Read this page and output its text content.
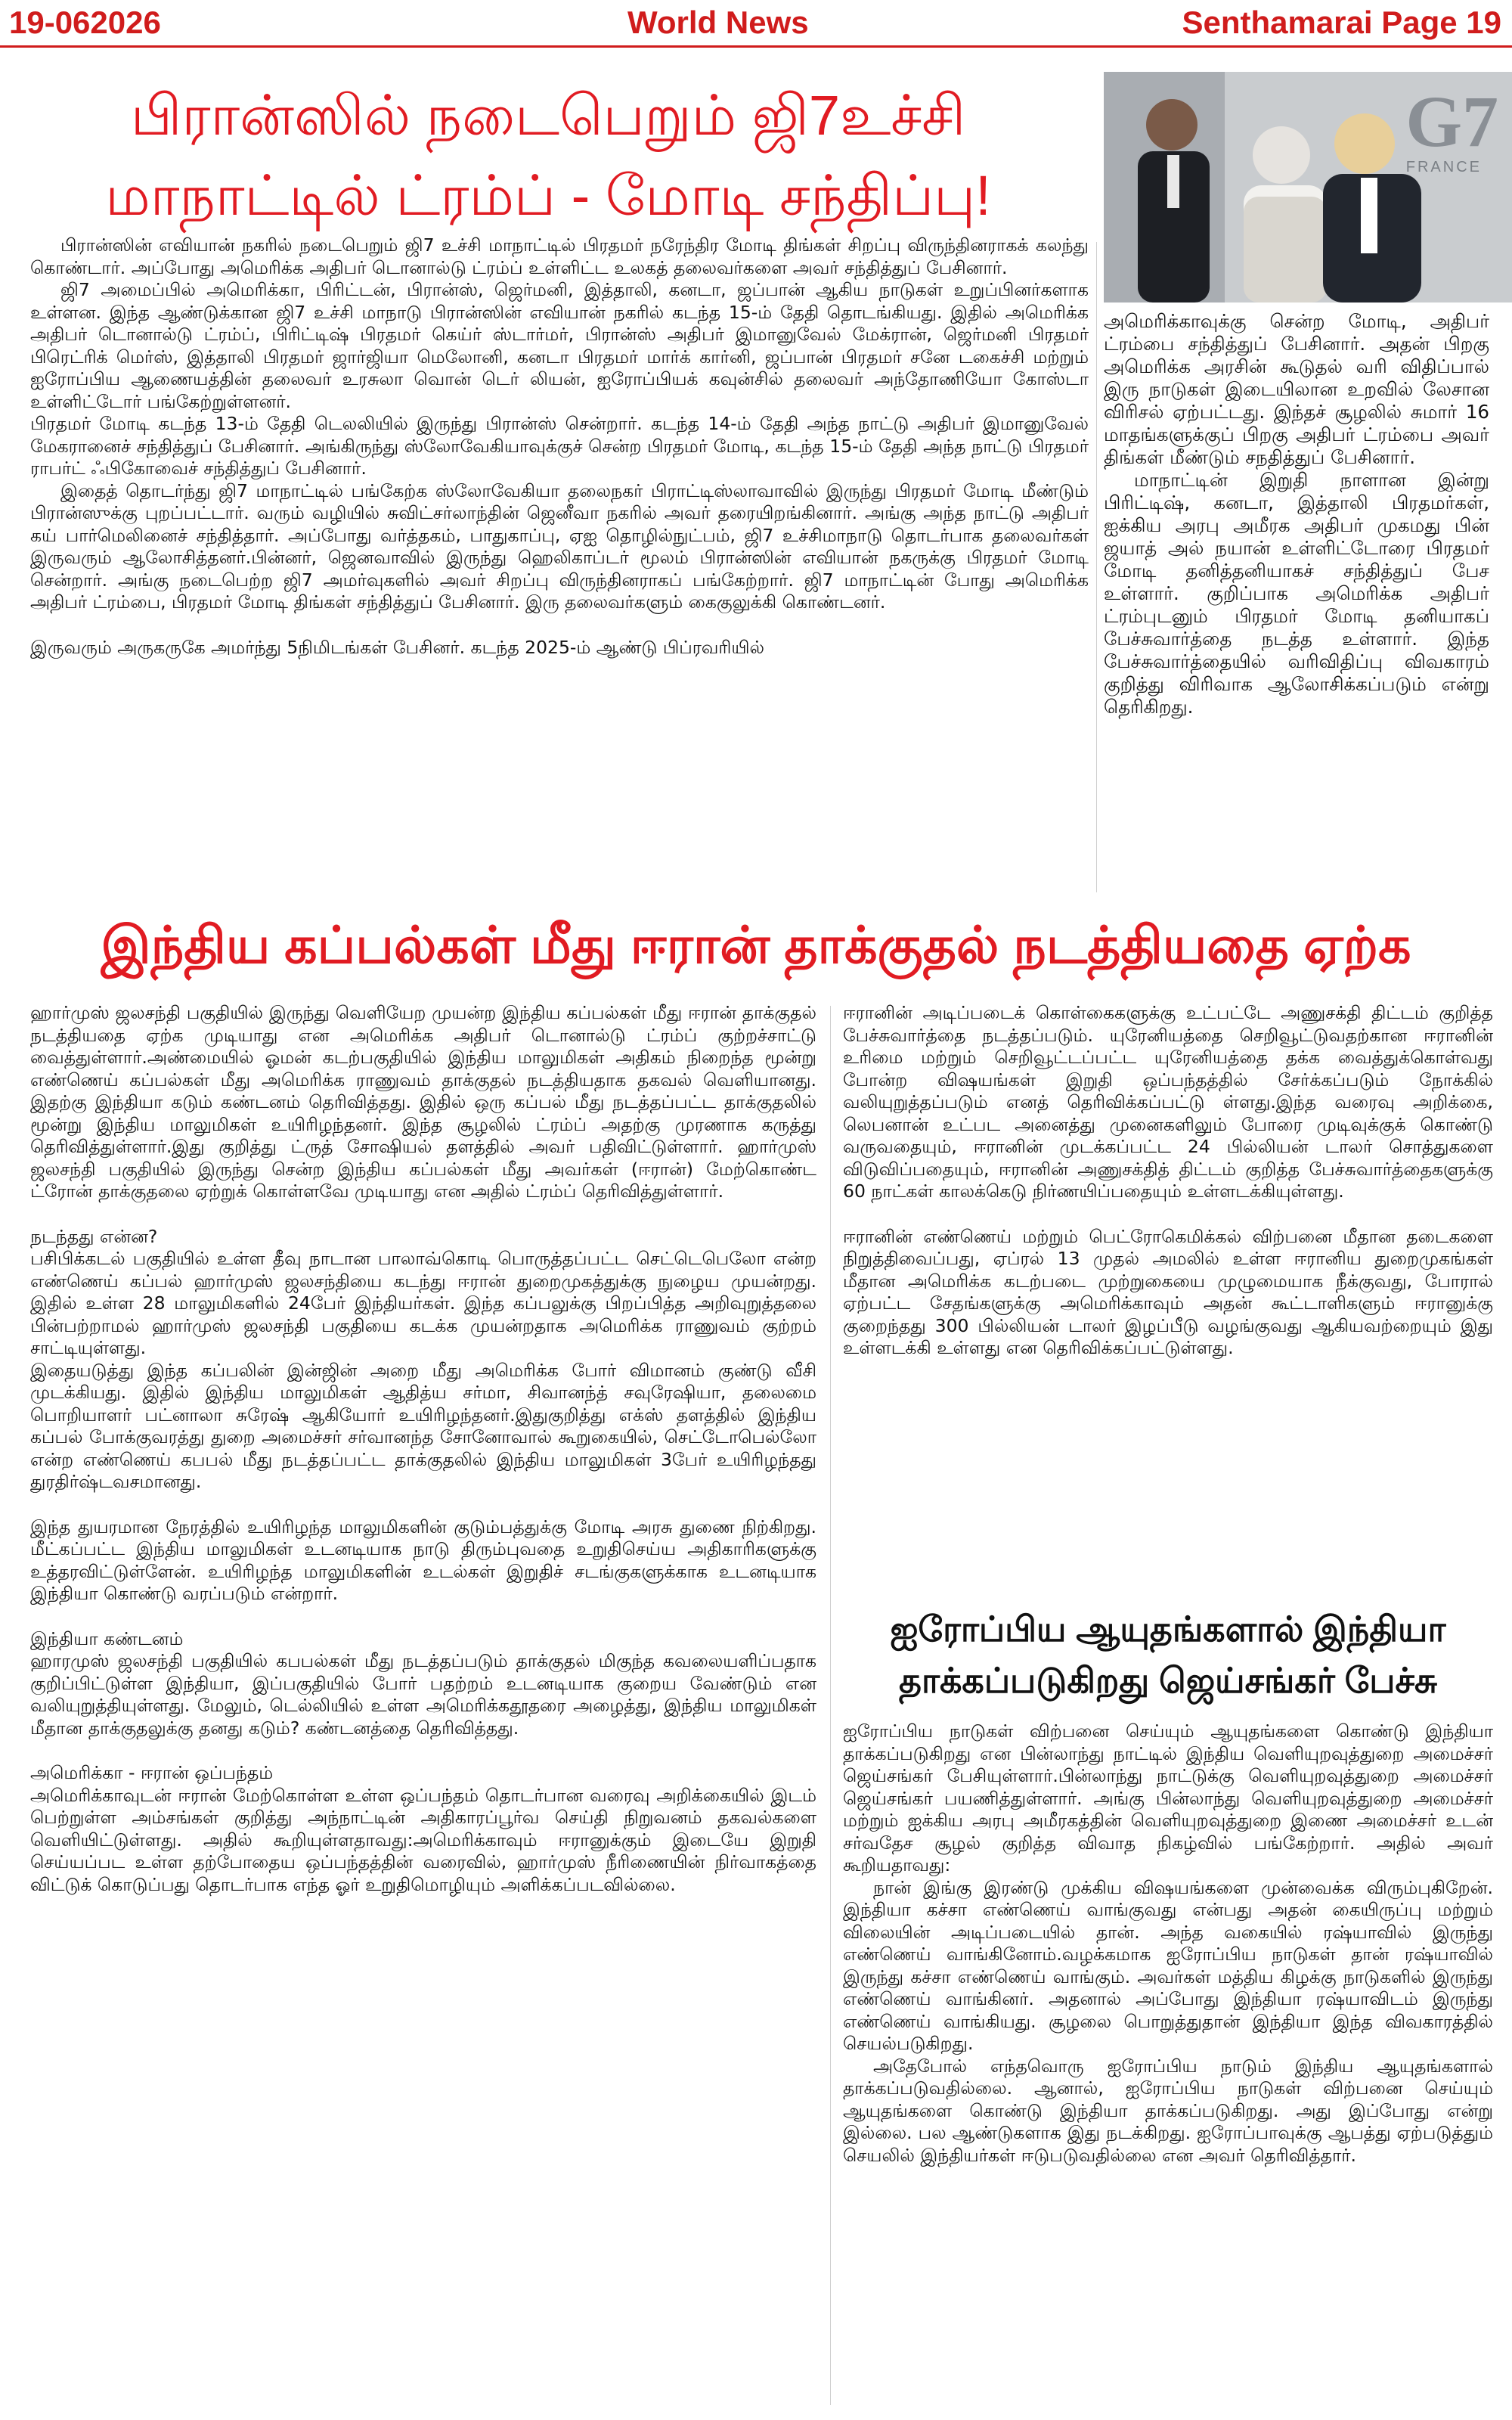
19-062026	World News	Senthamarai Page 19
பிரான்ஸில் நடைபெறும் ஜி7உச்சி மாநாட்டில் ட்ரம்ப் - மோடி சந்திப்பு!
G7
FRANCE

பிரான்ஸின் எவியான் நகரில் நடைபெறும் ஜி7 உச்சி மாநாட்டில் பிரதமர் நரேந்திர மோடி திங்கள் சிறப்பு விருந்தினராகக் கலந்து கொண்டார். அப்போது அமெரிக்க அதிபர் டொனால்டு ட்ரம்ப் உள்ளிட்ட உலகத் தலைவர்களை அவர் சந்தித்துப் பேசினார்.

ஜி7 அமைப்பில் அமெரிக்கா, பிரிட்டன், பிரான்ஸ், ஜெர்மனி, இத்தாலி, கனடா, ஜப்பான் ஆகிய நாடுகள் உறுப்பினர்களாக உள்ளன. இந்த ஆண்டுக்கான ஜி7 உச்சி மாநாடு பிரான்ஸின் எவியான் நகரில் கடந்த 15-ம் தேதி தொடங்கியது. இதில் அமெரிக்க அதிபர் டொனால்டு ட்ரம்ப், பிரிட்டிஷ் பிரதமர் கெய்ர் ஸ்டார்மர், பிரான்ஸ் அதிபர் இமானுவேல் மேக்ரான், ஜெர்மனி பிரதமர் பிரெட்ரிக் மெர்ஸ், இத்தாலி பிரதமர் ஜார்ஜியா மெலோனி, கனடா பிரதமர் மார்க் கார்னி, ஜப்பான் பிரதமர் சனே டகைச்சி மற்றும் ஐரோப்பிய ஆணையத்தின் தலைவர் உரசுலா வொன் டெர் லியன், ஐரோப்பியக் கவுன்சில் தலைவர் அந்தோணியோ கோஸ்டா உள்ளிட்டோர் பங்கேற்றுள்ளனர்.

பிரதமர் மோடி கடந்த 13-ம் தேதி டெலலியில் இருந்து பிரான்ஸ் சென்றார். கடந்த 14-ம் தேதி அந்த நாட்டு அதிபர் இமானுவேல் மேகரானைச் சந்தித்துப் பேசினார். அங்கிருந்து ஸ்லோவேகியாவுக்குச் சென்ற பிரதமர் மோடி, கடந்த 15-ம் தேதி அந்த நாட்டு பிரதமர் ராபர்ட் ஃபிகோவைச் சந்தித்துப் பேசினார்.

இதைத் தொடர்ந்து ஜி7 மாநாட்டில் பங்கேற்க ஸ்லோவேகியா தலைநகர் பிராட்டிஸ்லாவாவில் இருந்து பிரதமர் மோடி மீண்டும் பிரான்ஸுக்கு புறப்பட்டார். வரும் வழியில் சுவிட்சர்லாந்தின் ஜெனீவா நகரில் அவர் தரையிறங்கினார். அங்கு அந்த நாட்டு அதிபர் கய் பார்மெலினைச் சந்தித்தார். அப்போது வர்த்தகம், பாதுகாப்பு, ஏஐ தொழில்நுட்பம், ஜி7 உச்சிமாநாடு தொடர்பாக தலைவர்கள் இருவரும் ஆலோசித்தனர்.பின்னர், ஜெனவாவில் இருந்து ஹெலிகாப்டர் மூலம் பிரான்ஸின் எவியான் நகருக்கு பிரதமர் மோடி சென்றார். அங்கு நடைபெற்ற ஜி7 அமர்வுகளில் அவர் சிறப்பு விருந்தினராகப் பங்கேற்றார். ஜி7 மாநாட்டின் போது அமெரிக்க அதிபர் ட்ரம்பை, பிரதமர் மோடி திங்கள் சந்தித்துப் பேசினார். இரு தலைவர்களும் கைகுலுக்கி கொண்டனர்.

இருவரும் அருகருகே அமர்ந்து 5நிமிடங்கள் பேசினர். கடந்த 2025-ம் ஆண்டு பிப்ரவரியில்

அமெரிக்காவுக்கு சென்ற மோடி, அதிபர் ட்ரம்பை சந்தித்துப் பேசினார். அதன் பிறகு அமெரிக்க அரசின் கூடுதல் வரி விதிப்பால் இரு நாடுகள் இடையிலான உறவில் லேசான விரிசல் ஏற்பட்டது. இந்தச் சூழலில் சுமார் 16 மாதங்களுக்குப் பிறகு அதிபர் ட்ரம்பை அவர் திங்கள் மீண்டும் சநதித்துப் பேசினார்.

மாநாட்டின் இறுதி நாளான இன்று பிரிட்டிஷ், கனடா, இத்தாலி பிரதமர்கள், ஐக்கிய அரபு அமீரக அதிபர் முகமது பின் ஜயாத் அல் நயான் உள்ளிட்டோரை பிரதமர் மோடி தனித்தனியாகச் சந்தித்துப் பேச உள்ளார். குறிப்பாக அமெரிக்க அதிபர் ட்ரம்புடனும் பிரதமர் மோடி தனியாகப் பேச்சுவார்த்தை நடத்த உள்ளார். இந்த பேச்சுவார்த்தையில் வரிவிதிப்பு விவகாரம் குறித்து விரிவாக ஆலோசிக்கப்படும் என்று தெரிகிறது.

இந்திய கப்பல்கள் மீது ஈரான் தாக்குதல் நடத்தியதை ஏற்க

ஹார்முஸ் ஜலசந்தி பகுதியில் இருந்து வெளியேற முயன்ற இந்திய கப்பல்கள் மீது ஈரான் தாக்குதல் நடத்தியதை ஏற்க முடியாது என அமெரிக்க அதிபர் டொனால்டு ட்ரம்ப் குற்றச்சாட்டு வைத்துள்ளார்.அண்மையில் ஓமன் கடற்பகுதியில் இந்திய மாலுமிகள் அதிகம் நிறைந்த மூன்று எண்ணெய் கப்பல்கள் மீது அமெரிக்க ராணுவம் தாக்குதல் நடத்தியதாக தகவல் வெளியானது. இதற்கு இந்தியா கடும் கண்டனம் தெரிவித்தது. இதில் ஒரு கப்பல் மீது நடத்தப்பட்ட தாக்குதலில் மூன்று இந்திய மாலுமிகள் உயிரிழந்தனர். இந்த சூழலில் ட்ரம்ப் அதற்கு முரணாக கருத்து தெரிவித்துள்ளார்.இது குறித்து ட்ருத் சோஷியல் தளத்தில் அவர் பதிவிட்டுள்ளார். ஹார்முஸ் ஜலசந்தி பகுதியில் இருந்து சென்ற இந்திய கப்பல்கள் மீது அவர்கள் (ஈரான்) மேற்கொண்ட ட்ரோன் தாக்குதலை ஏற்றுக் கொள்ளவே முடியாது என அதில் ட்ரம்ப் தெரிவித்துள்ளார்.

நடந்தது என்ன?

பசிபிக்கடல் பகுதியில் உள்ள தீவு நாடான பாலாவ்கொடி பொருத்தப்பட்ட செட்டெபெலோ என்ற எண்ணெய் கப்பல் ஹார்முஸ் ஜலசந்தியை கடந்து ஈரான் துறைமுகத்துக்கு நுழைய முயன்றது. இதில் உள்ள 28 மாலுமிகளில் 24பேர் இந்தியர்கள். இந்த கப்பலுக்கு பிறப்பித்த அறிவுறுத்தலை பின்பற்றாமல் ஹார்முஸ் ஜலசந்தி பகுதியை கடக்க முயன்றதாக அமெரிக்க ராணுவம் குற்றம் சாட்டியுள்ளது.

இதையடுத்து இந்த கப்பலின் இன்ஜின் அறை மீது அமெரிக்க போர் விமானம் குண்டு வீசி முடக்கியது. இதில் இந்திய மாலுமிகள் ஆதித்ய சர்மா, சிவானந்த் சவுரேஷியா, தலைமை பொறியாளர் பட்னாலா சுரேஷ் ஆகியோர் உயிரிழந்தனர்.இதுகுறித்து எக்ஸ் தளத்தில் இந்திய கப்பல் போக்குவரத்து துறை அமைச்சர் சர்வானந்த சோனோவால் கூறுகையில், செட்டோபெல்லோ என்ற எண்ணெய் கபபல் மீது நடத்தப்பட்ட தாக்குதலில் இந்திய மாலுமிகள் 3பேர் உயிரிழந்தது துரதிர்ஷ்டவசமானது.

இந்த துயரமான நேரத்தில் உயிரிழந்த மாலுமிகளின் குடும்பத்துக்கு மோடி அரசு துணை நிற்கிறது. மீட்கப்பட்ட இந்திய மாலுமிகள் உடனடியாக நாடு திரும்புவதை உறுதிசெய்ய அதிகாரிகளுக்கு உத்தரவிட்டுள்ளேன். உயிரிழந்த மாலுமிகளின் உடல்கள் இறுதிச் சடங்குகளுக்காக உடனடியாக இந்தியா கொண்டு வரப்படும் என்றார்.

இந்தியா கண்டனம்

ஹாரமுஸ் ஜலசந்தி பகுதியில் கபபல்கள் மீது நடத்தப்படும் தாக்குதல் மிகுந்த கவலையளிப்பதாக குறிப்பிட்டுள்ள இந்தியா, இப்பகுதியில் போர் பதற்றம் உடனடியாக குறைய வேண்டும் என வலியுறுத்தியுள்ளது. மேலும், டெல்லியில் உள்ள அமெரிக்கதூதரை அழைத்து, இந்திய மாலுமிகள் மீதான தாக்குதலுக்கு தனது கடும்? கண்டனத்தை தெரிவித்தது.

அமெரிக்கா - ஈரான் ஒப்பந்தம்

அமெரிக்காவுடன் ஈரான் மேற்கொள்ள உள்ள ஒப்பந்தம் தொடர்பான வரைவு அறிக்கையில் இடம் பெற்றுள்ள அம்சங்கள் குறித்து அந்நாட்டின் அதிகாரப்பூர்வ செய்தி நிறுவனம் தகவல்களை வெளியிட்டுள்ளது. அதில் கூறியுள்ளதாவது:அமெரிக்காவும் ஈரானுக்கும் இடையே இறுதி செய்யப்பட உள்ள தற்போதைய ஒப்பந்தத்தின் வரைவில், ஹார்முஸ் நீரிணையின் நிர்வாகத்தை விட்டுக் கொடுப்பது தொடர்பாக எந்த ஓர் உறுதிமொழியும் அளிக்கப்படவில்லை.

ஈரானின் அடிப்படைக் கொள்கைகளுக்கு உட்பட்டே அணுசக்தி திட்டம் குறித்த பேச்சுவார்த்தை நடத்தப்படும். யுரேனியத்தை செறிவூட்டுவதற்கான ஈரானின் உரிமை மற்றும் செறிவூட்டப்பட்ட யுரேனியத்தை தக்க வைத்துக்கொள்வது போன்ற விஷயங்கள் இறுதி ஒப்பந்தத்தில் சேர்க்கப்படும் நோக்கில் வலியுறுத்தப்படும் எனத் தெரிவிக்கப்பட்டு ள்ளது.இந்த வரைவு அறிக்கை, லெபனான் உட்பட அனைத்து முனைகளிலும் போரை முடிவுக்குக் கொண்டு வருவதையும், ஈரானின் முடக்கப்பட்ட 24 பில்லியன் டாலர் சொத்துகளை விடுவிப்பதையும், ஈரானின் அணுசக்தித் திட்டம் குறித்த பேச்சுவார்த்தைகளுக்கு 60 நாட்கள் காலக்கெடு நிர்ணயிப்பதையும் உள்ளடக்கியுள்ளது.

ஈரானின் எண்ணெய் மற்றும் பெட்ரோகெமிக்கல் விற்பனை மீதான தடைகளை நிறுத்திவைப்பது, ஏப்ரல் 13 முதல் அமலில் உள்ள ஈரானிய துறைமுகங்கள் மீதான அமெரிக்க கடற்படை முற்றுகையை முழுமையாக நீக்குவது, போரால் ஏற்பட்ட சேதங்களுக்கு அமெரிக்காவும் அதன் கூட்டாளிகளும் ஈரானுக்கு குறைந்தது 300 பில்லியன் டாலர் இழப்பீடு வழங்குவது ஆகியவற்றையும் இது உள்ளடக்கி உள்ளது என தெரிவிக்கப்பட்டுள்ளது.

ஐரோப்பிய ஆயுதங்களால் இந்தியா தாக்கப்படுகிறது ஜெய்சங்கர் பேச்சு

ஐரோப்பிய நாடுகள் விற்பனை செய்யும் ஆயுதங்களை கொண்டு இந்தியா தாக்கப்படுகிறது என பின்லாந்து நாட்டில் இந்திய வெளியுறவுத்துறை அமைச்சர் ஜெய்சங்கர் பேசியுள்ளார்.பின்லாந்து நாட்டுக்கு வெளியுறவுத்துறை அமைச்சர் ஜெய்சங்கர் பயணித்துள்ளார். அங்கு பின்லாந்து வெளியுறவுத்துறை அமைச்சர் மற்றும் ஐக்கிய அரபு அமீரகத்தின் வெளியுறவுத்துறை இணை அமைச்சர் உடன் சர்வதேச சூழல் குறித்த விவாத நிகழ்வில் பங்கேற்றார். அதில் அவர் கூறியதாவது:

நான் இங்கு இரண்டு முக்கிய விஷயங்களை முன்வைக்க விரும்புகிறேன். இந்தியா கச்சா எண்ணெய் வாங்குவது என்பது அதன் கையிருப்பு மற்றும் விலையின் அடிப்படையில் தான். அந்த வகையில் ரஷ்யாவில் இருந்து எண்ணெய் வாங்கினோம்.வழக்கமாக ஐரோப்பிய நாடுகள் தான் ரஷ்யாவில் இருந்து கச்சா எண்ணெய் வாங்கும். அவர்கள் மத்திய கிழக்கு நாடுகளில் இருந்து எண்ணெய் வாங்கினர். அதனால் அப்போது இந்தியா ரஷ்யாவிடம் இருந்து எண்ணெய் வாங்கியது. சூழலை பொறுத்துதான் இந்தியா இந்த விவகாரத்தில் செயல்படுகிறது.

அதேபோல் எந்தவொரு ஐரோப்பிய நாடும் இந்திய ஆயுதங்களால் தாக்கப்படுவதில்லை. ஆனால், ஐரோப்பிய நாடுகள் விற்பனை செய்யும் ஆயுதங்களை கொண்டு இந்தியா தாக்கப்படுகிறது. அது இப்போது என்று இல்லை. பல ஆண்டுகளாக இது நடக்கிறது. ஐரோப்பாவுக்கு ஆபத்து ஏற்படுத்தும் செயலில் இந்தியர்கள் ஈடுபடுவதில்லை என அவர் தெரிவித்தார்.
